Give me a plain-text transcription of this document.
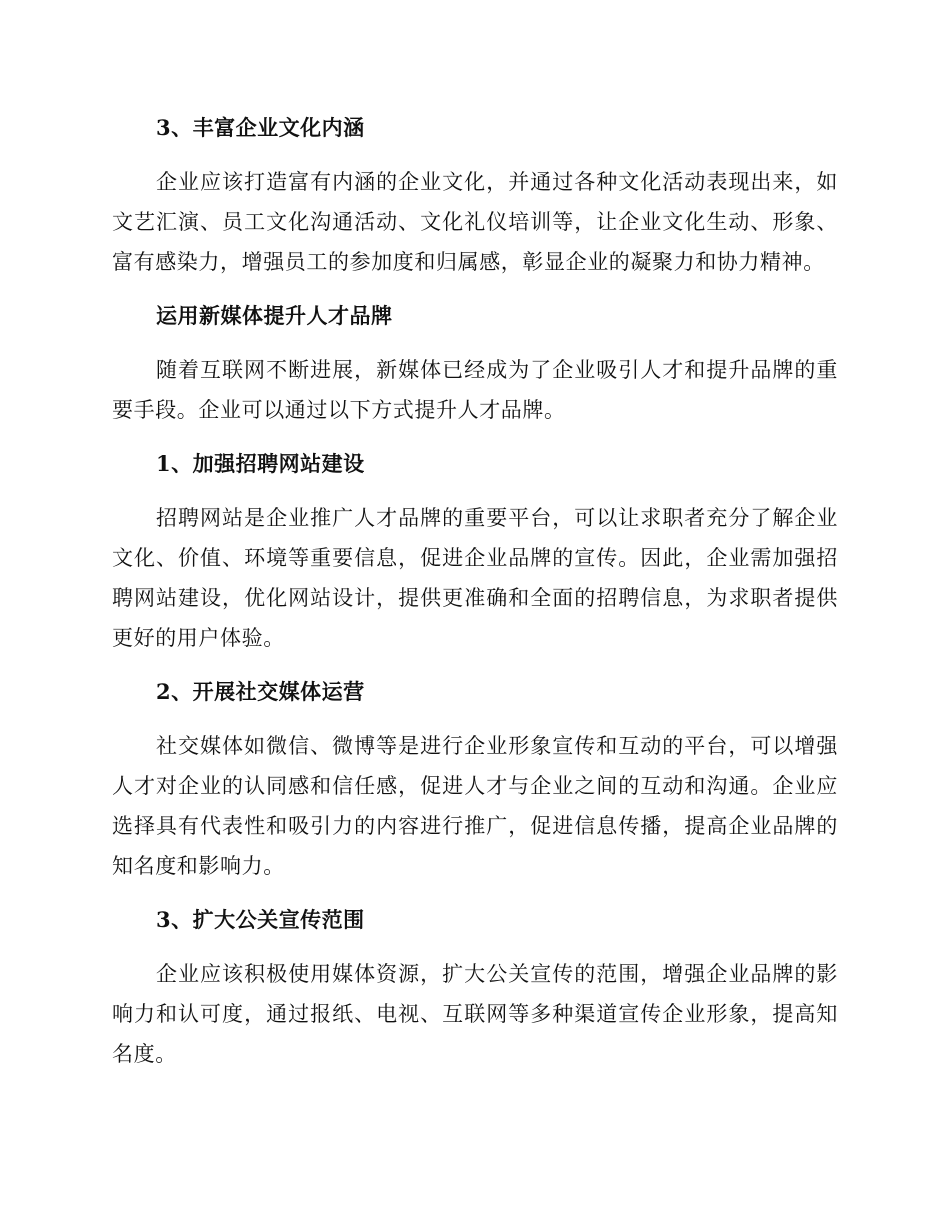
3、丰富企业文化内涵

企业应该打造富有内涵的企业文化，并通过各种文化活动表现出来，如文艺汇演、员工文化沟通活动、文化礼仪培训等，让企业文化生动、形象、富有感染力，增强员工的参加度和归属感，彰显企业的凝聚力和协力精神。

运用新媒体提升人才品牌

随着互联网不断进展，新媒体已经成为了企业吸引人才和提升品牌的重要手段。企业可以通过以下方式提升人才品牌。

1、加强招聘网站建设

招聘网站是企业推广人才品牌的重要平台，可以让求职者充分了解企业文化、价值、环境等重要信息，促进企业品牌的宣传。因此，企业需加强招聘网站建设，优化网站设计，提供更准确和全面的招聘信息，为求职者提供更好的用户体验。

2、开展社交媒体运营

社交媒体如微信、微博等是进行企业形象宣传和互动的平台，可以增强人才对企业的认同感和信任感，促进人才与企业之间的互动和沟通。企业应选择具有代表性和吸引力的内容进行推广，促进信息传播，提高企业品牌的知名度和影响力。

3、扩大公关宣传范围

企业应该积极使用媒体资源，扩大公关宣传的范围，增强企业品牌的影响力和认可度，通过报纸、电视、互联网等多种渠道宣传企业形象，提高知名度。
